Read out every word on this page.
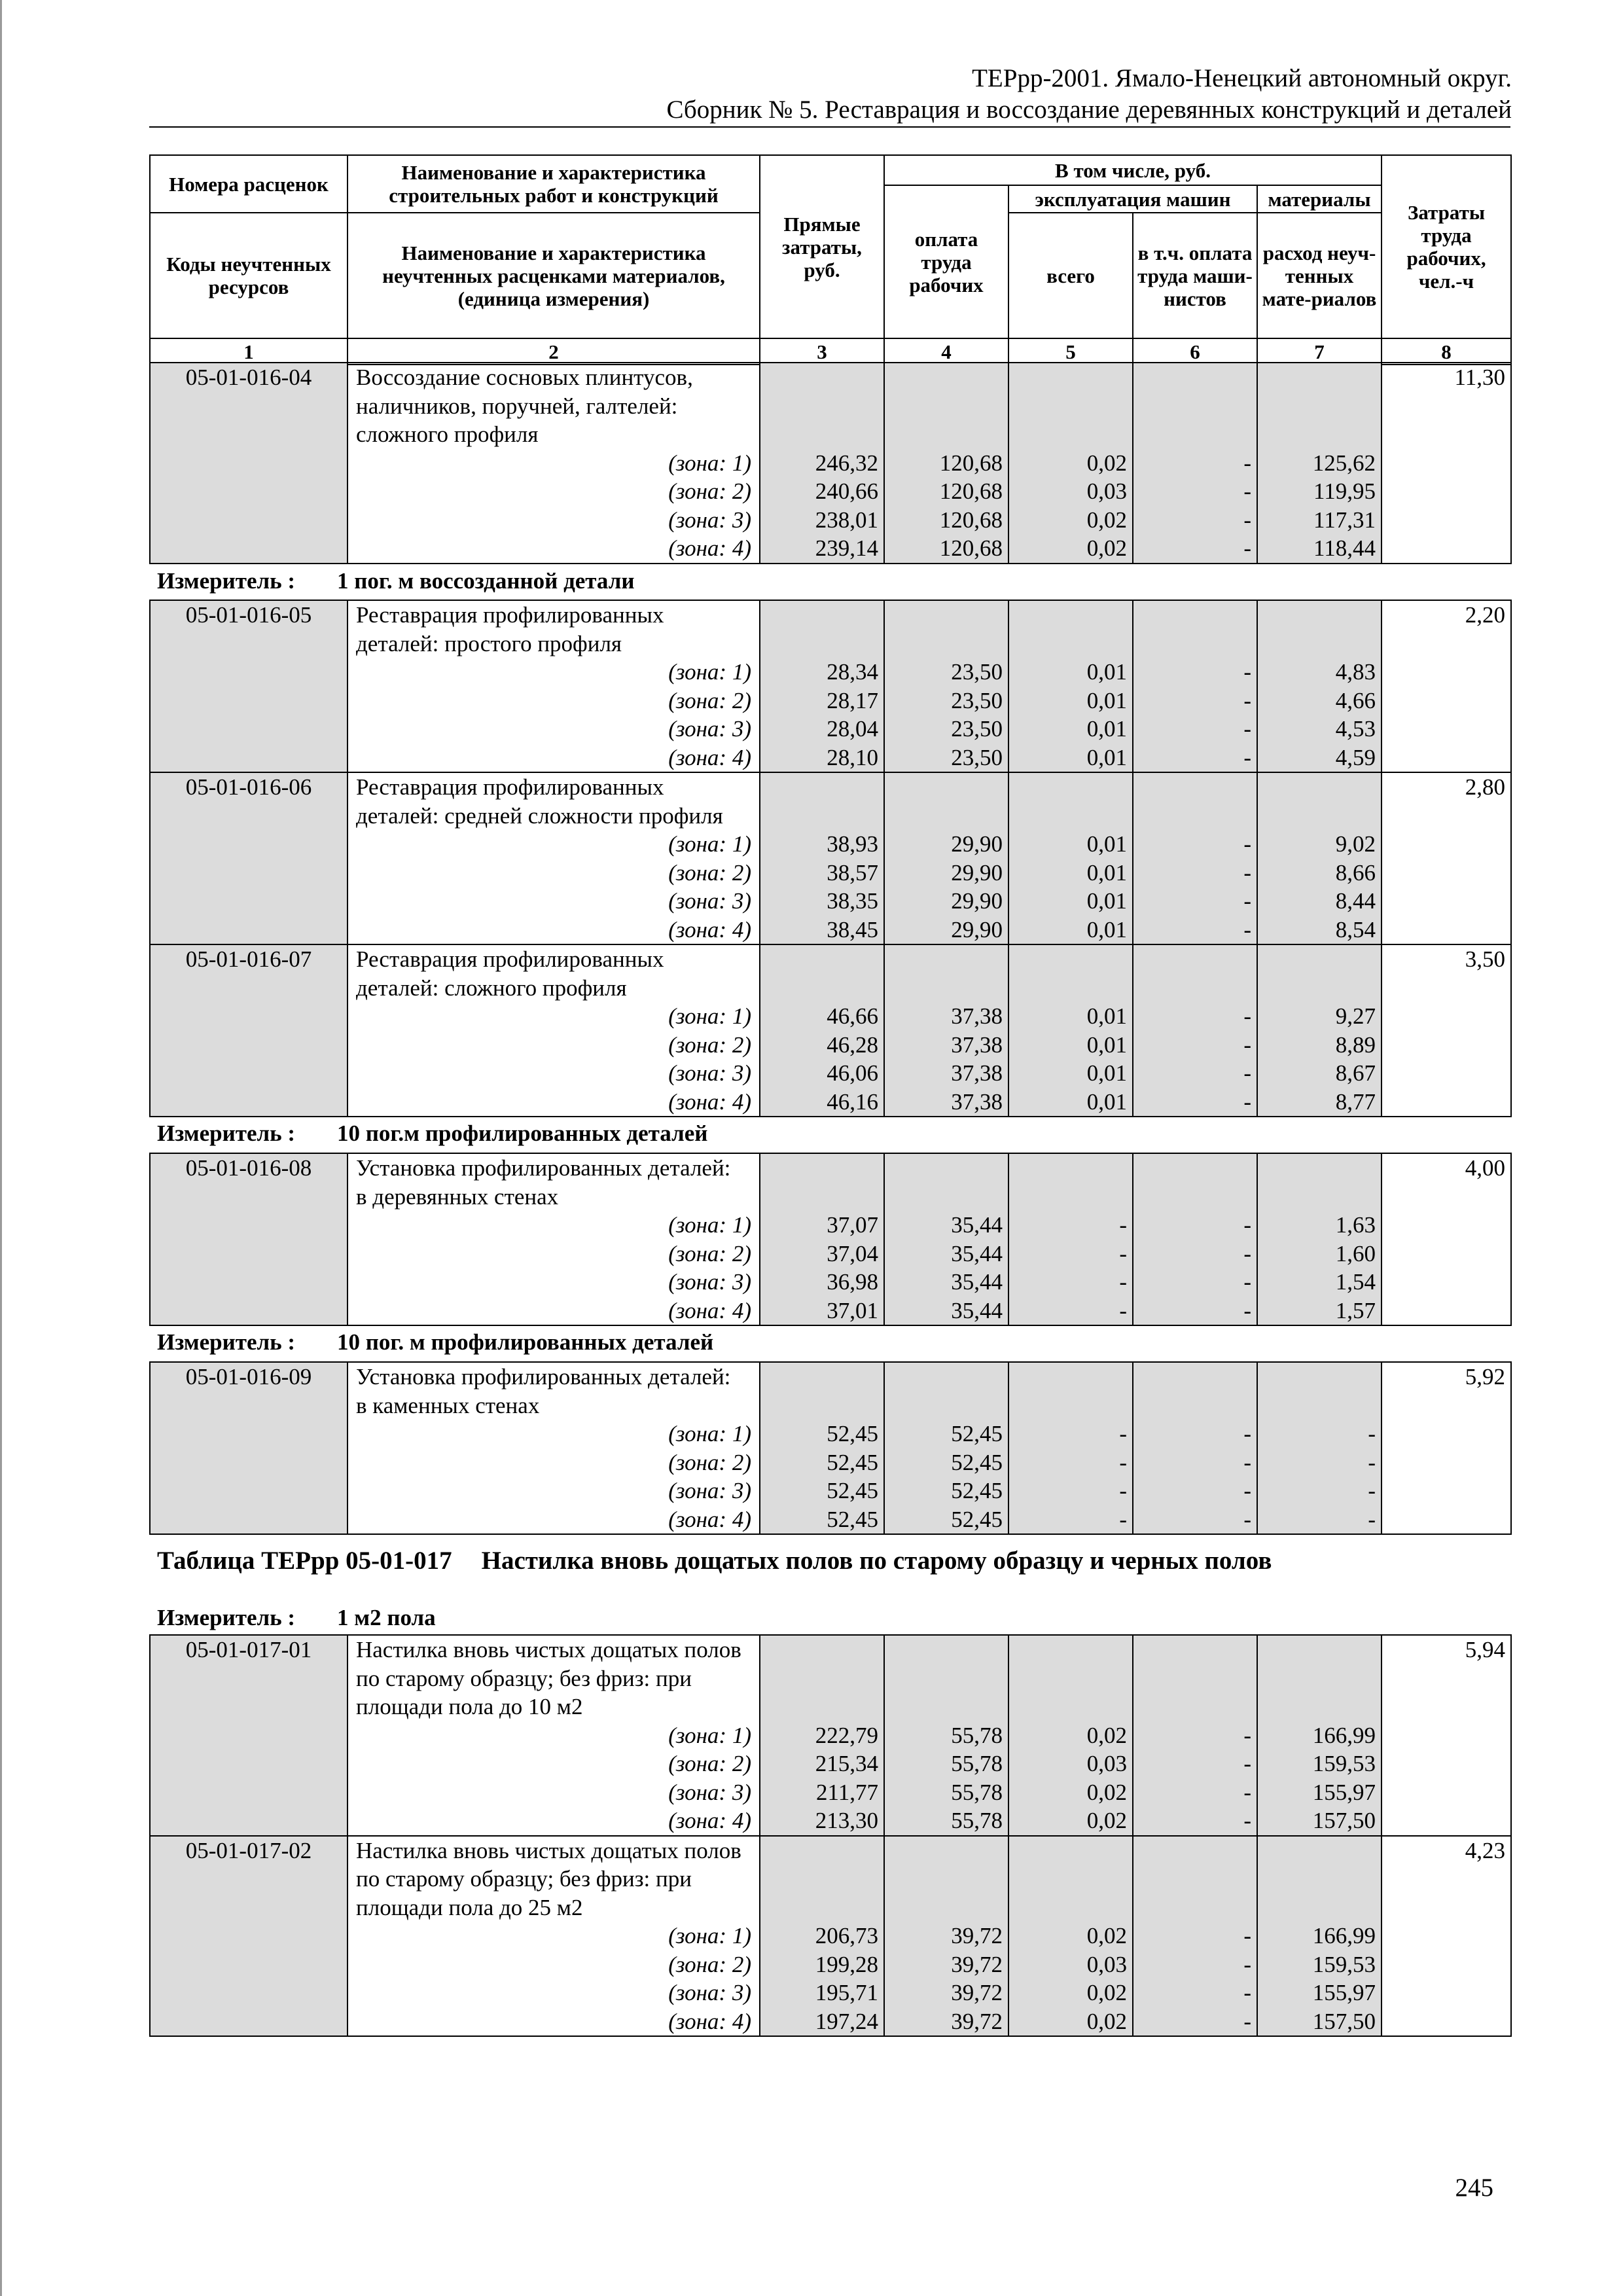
ТЕРрр-2001. Ямало-Ненецкий автономный округ.
Сборник № 5. Реставрация и воссоздание деревянных конструкций и деталей
Номера расценок	Наименование и характеристика строительных работ и конструкций	Прямые затраты, руб.	В том числе, руб.				Затраты труда рабочих, чел.-ч
			оплата труда рабочих	эксплуатация машин		материалы	
Коды неучтенных ресурсов	Наименование и характеристика неучтенных расценками материалов, (единица измерения)			всего	в т.ч. оплата труда маши-нистов	расход неуч-тенных мате-риалов	
1	2	3	4	5	6	7	8
05-01-016-04	Воссоздание сосновых плинтусов,						11,30
	наличников, поручней, галтелей:						
	сложного профиля						
	(зона: 1)	246,32	120,68	0,02	-	125,62	
	(зона: 2)	240,66	120,68	0,03	-	119,95	
	(зона: 3)	238,01	120,68	0,02	-	117,31	
	(зона: 4)	239,14	120,68	0,02	-	118,44	
Измеритель : 1 пог. м воссозданной детали
05-01-016-05	Реставрация профилированных						2,20
	деталей: простого профиля						
	(зона: 1)	28,34	23,50	0,01	-	4,83	
	(зона: 2)	28,17	23,50	0,01	-	4,66	
	(зона: 3)	28,04	23,50	0,01	-	4,53	
	(зона: 4)	28,10	23,50	0,01	-	4,59	
05-01-016-06	Реставрация профилированных						2,80
	деталей: средней сложности профиля						
	(зона: 1)	38,93	29,90	0,01	-	9,02	
	(зона: 2)	38,57	29,90	0,01	-	8,66	
	(зона: 3)	38,35	29,90	0,01	-	8,44	
	(зона: 4)	38,45	29,90	0,01	-	8,54	
05-01-016-07	Реставрация профилированных						3,50
	деталей: сложного профиля						
	(зона: 1)	46,66	37,38	0,01	-	9,27	
	(зона: 2)	46,28	37,38	0,01	-	8,89	
	(зона: 3)	46,06	37,38	0,01	-	8,67	
	(зона: 4)	46,16	37,38	0,01	-	8,77	
Измеритель : 10 пог.м профилированных деталей
05-01-016-08	Установка профилированных деталей:						4,00
	в деревянных стенах						
	(зона: 1)	37,07	35,44	-	-	1,63	
	(зона: 2)	37,04	35,44	-	-	1,60	
	(зона: 3)	36,98	35,44	-	-	1,54	
	(зона: 4)	37,01	35,44	-	-	1,57	
Измеритель : 10 пог. м профилированных деталей
05-01-016-09	Установка профилированных деталей:						5,92
	в каменных стенах						
	(зона: 1)	52,45	52,45	-	-	-	
	(зона: 2)	52,45	52,45	-	-	-	
	(зона: 3)	52,45	52,45	-	-	-	
	(зона: 4)	52,45	52,45	-	-	-	
Таблица ТЕРрр 05-01-017 Настилка вновь дощатых полов по старому образцу и черных полов
Измеритель : 1 м2 пола
05-01-017-01	Настилка вновь чистых дощатых полов						5,94
	по старому образцу; без фриз: при						
	площади пола до 10 м2						
	(зона: 1)	222,79	55,78	0,02	-	166,99	
	(зона: 2)	215,34	55,78	0,03	-	159,53	
	(зона: 3)	211,77	55,78	0,02	-	155,97	
	(зона: 4)	213,30	55,78	0,02	-	157,50	
05-01-017-02	Настилка вновь чистых дощатых полов						4,23
	по старому образцу; без фриз: при						
	площади пола до 25 м2						
	(зона: 1)	206,73	39,72	0,02	-	166,99	
	(зона: 2)	199,28	39,72	0,03	-	159,53	
	(зона: 3)	195,71	39,72	0,02	-	155,97	
	(зона: 4)	197,24	39,72	0,02	-	157,50	
245
